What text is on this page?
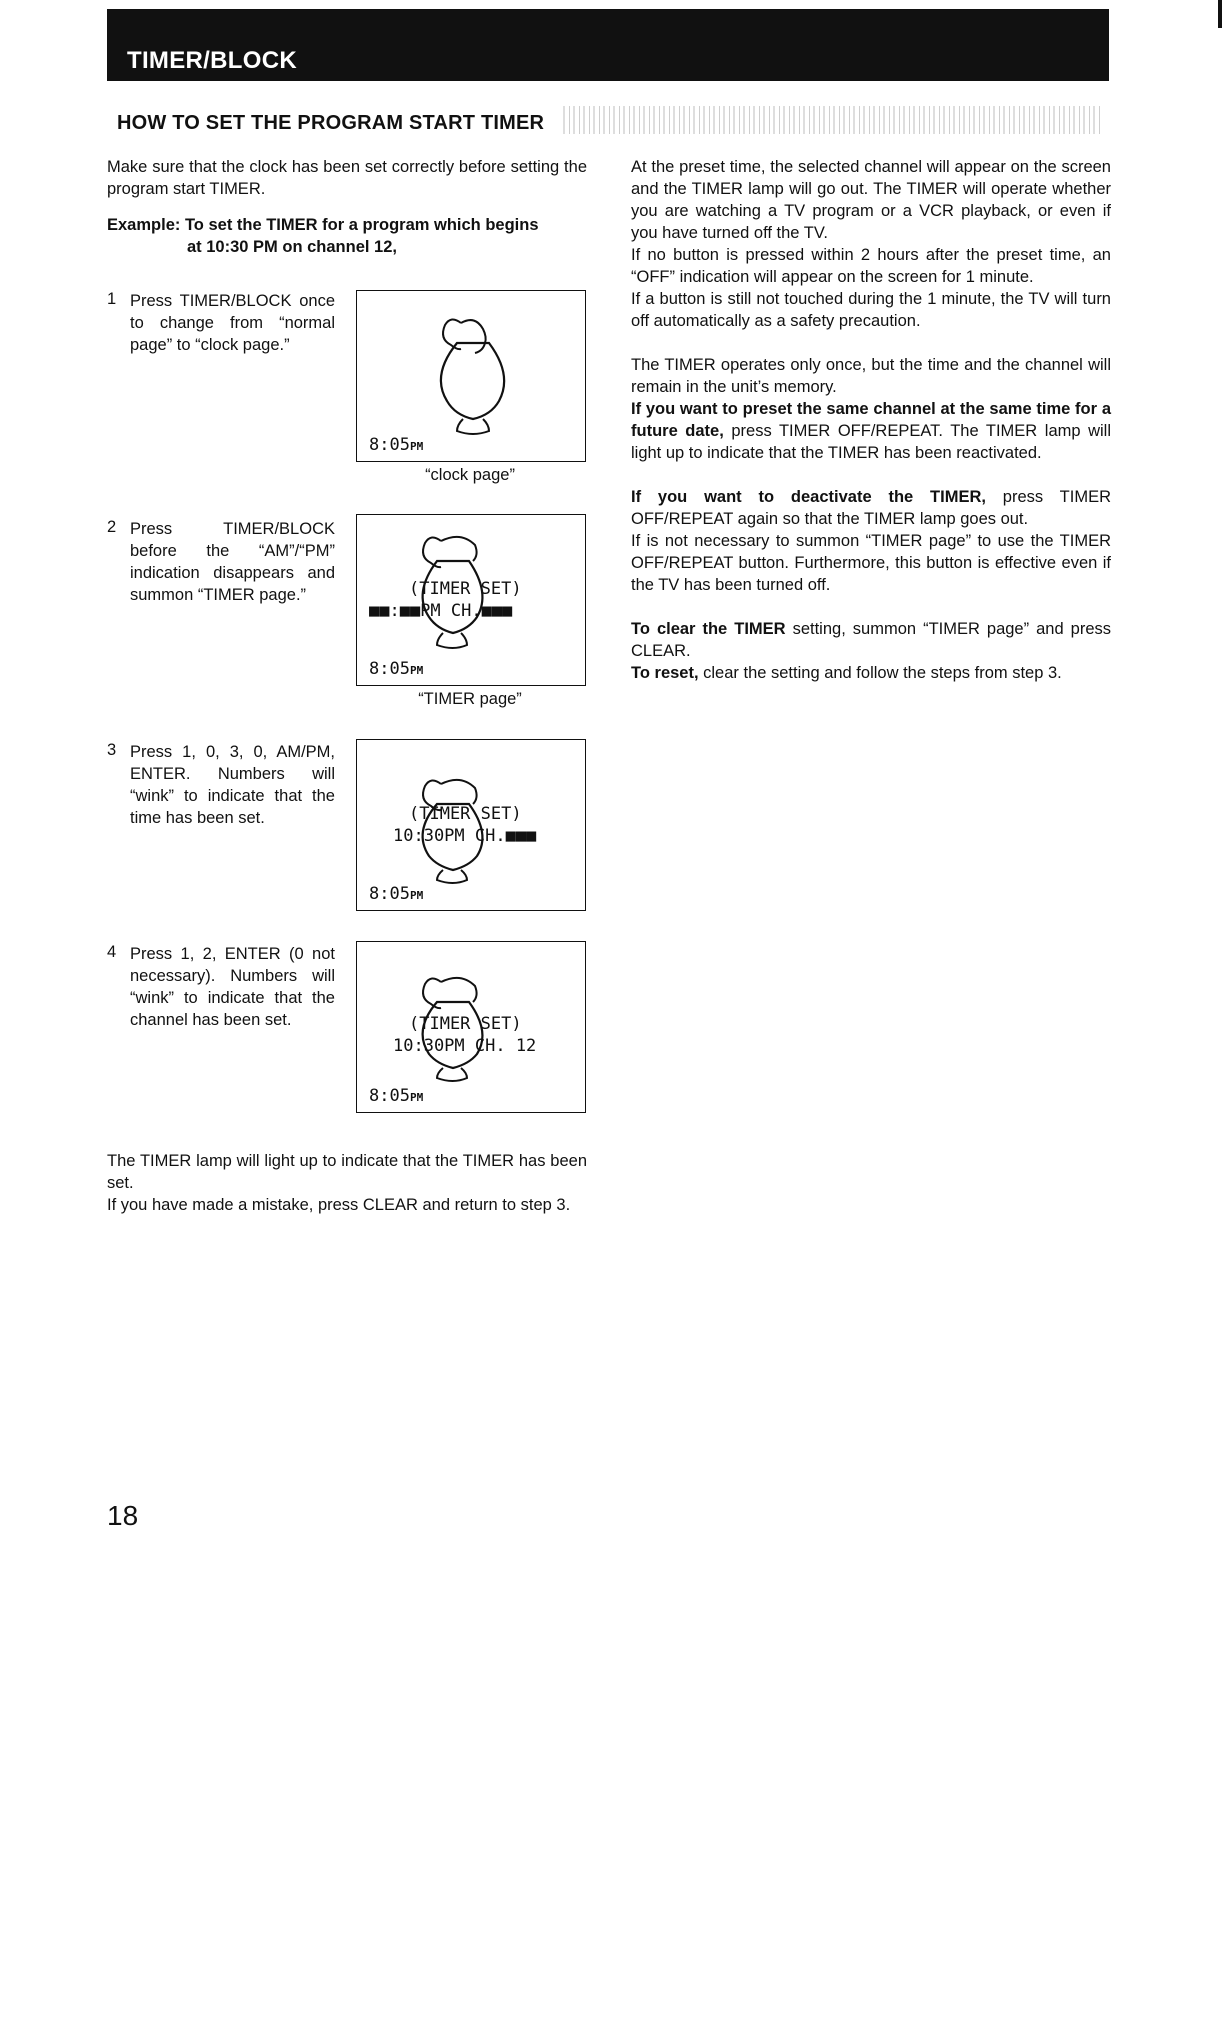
TIMER/BLOCK
HOW TO SET THE PROGRAM START TIMER

Make sure that the clock has been set correctly before setting the program start TIMER.

Example: To set the TIMER for a program which begins
at 10:30 PM on channel 12,
1 Press TIMER/BLOCK once to change from “normal page” to “clock page.”
8:05PM
“clock page”
2 Press TIMER/BLOCK before the “AM”/“PM” indication disappears and summon “TIMER page.”	(TIMER SET)
■■:■■PM CH.■■■
8:05PM
“TIMER page”
3 Press 1, 0, 3, 0, AM/PM, ENTER. Numbers will “wink” to indicate that the time has been set.	(TIMER SET)
10:30PM CH.■■■
8:05PM
4 Press 1, 2, ENTER (0 not necessary). Numbers will “wink” to indicate that the channel has been set.	(TIMER SET)
10:30PM CH. 12
8:05PM

The TIMER lamp will light up to indicate that the TIMER has been set.

If you have made a mistake, press CLEAR and return to step 3.

At the preset time, the selected channel will appear on the screen and the TIMER lamp will go out. The TIMER will operate whether you are watching a TV program or a VCR playback, or even if you have turned off the TV.

If no button is pressed within 2 hours after the preset time, an “OFF” indication will appear on the screen for 1 minute.

If a button is still not touched during the 1 minute, the TV will turn off automatically as a safety precaution.

The TIMER operates only once, but the time and the channel will remain in the unit’s memory.

If you want to preset the same channel at the same time for a future date, press TIMER OFF/REPEAT. The TIMER lamp will light up to indicate that the TIMER has been reactivated.

If you want to deactivate the TIMER, press TIMER OFF/REPEAT again so that the TIMER lamp goes out.

If is not necessary to summon “TIMER page” to use the TIMER OFF/REPEAT button. Furthermore, this button is effective even if the TV has been turned off.

To clear the TIMER setting, summon “TIMER page” and press CLEAR.

To reset, clear the setting and follow the steps from step 3.

18
